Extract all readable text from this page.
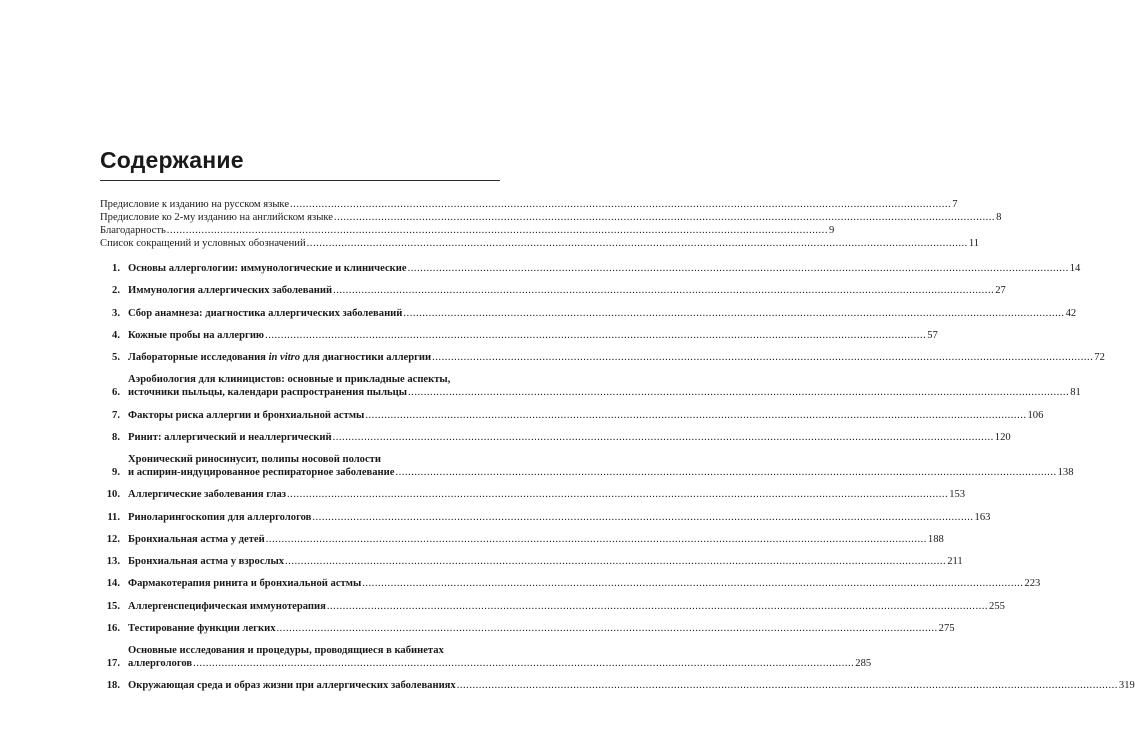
Содержание
Предисловие к изданию на русском языке .....	7
Предисловие ко 2-му изданию на английском языке .....	8
Благодарность .....	9
Список сокращений и условных обозначений .....	11
1. Основы аллергологии: иммунологические и клинические .....	14
2. Иммунология аллергических заболеваний .....	27
3. Сбор анамнеза: диагностика аллергических заболеваний .....	42
4. Кожные пробы на аллергию .....	57
5. Лабораторные исследования in vitro для диагностики аллергии .....	72
6.
Аэробиология для клиницистов: основные и прикладные аспекты,
источники пыльцы, календари распространения пыльцы .....	81
7. Факторы риска аллергии и бронхиальной астмы .....	106
8. Ринит: аллергический и неаллергический .....	120
9.
Хронический риносинусит, полипы носовой полости
и аспирин-индуцированное респираторное заболевание .....	138
10. Аллергические заболевания глаз .....	153
11. Риноларингоскопия для аллергологов .....	163
12. Бронхиальная астма у детей .....	188
13. Бронхиальная астма у взрослых .....	211
14. Фармакотерапия ринита и бронхиальной астмы .....	223
15. Аллергенспецифическая иммунотерапия .....	255
16. Тестирование функции легких .....	275
17.
Основные исследования и процедуры, проводящиеся в кабинетах
аллергологов .....	285
18. Окружающая среда и образ жизни при аллергических заболеваниях .....	319
